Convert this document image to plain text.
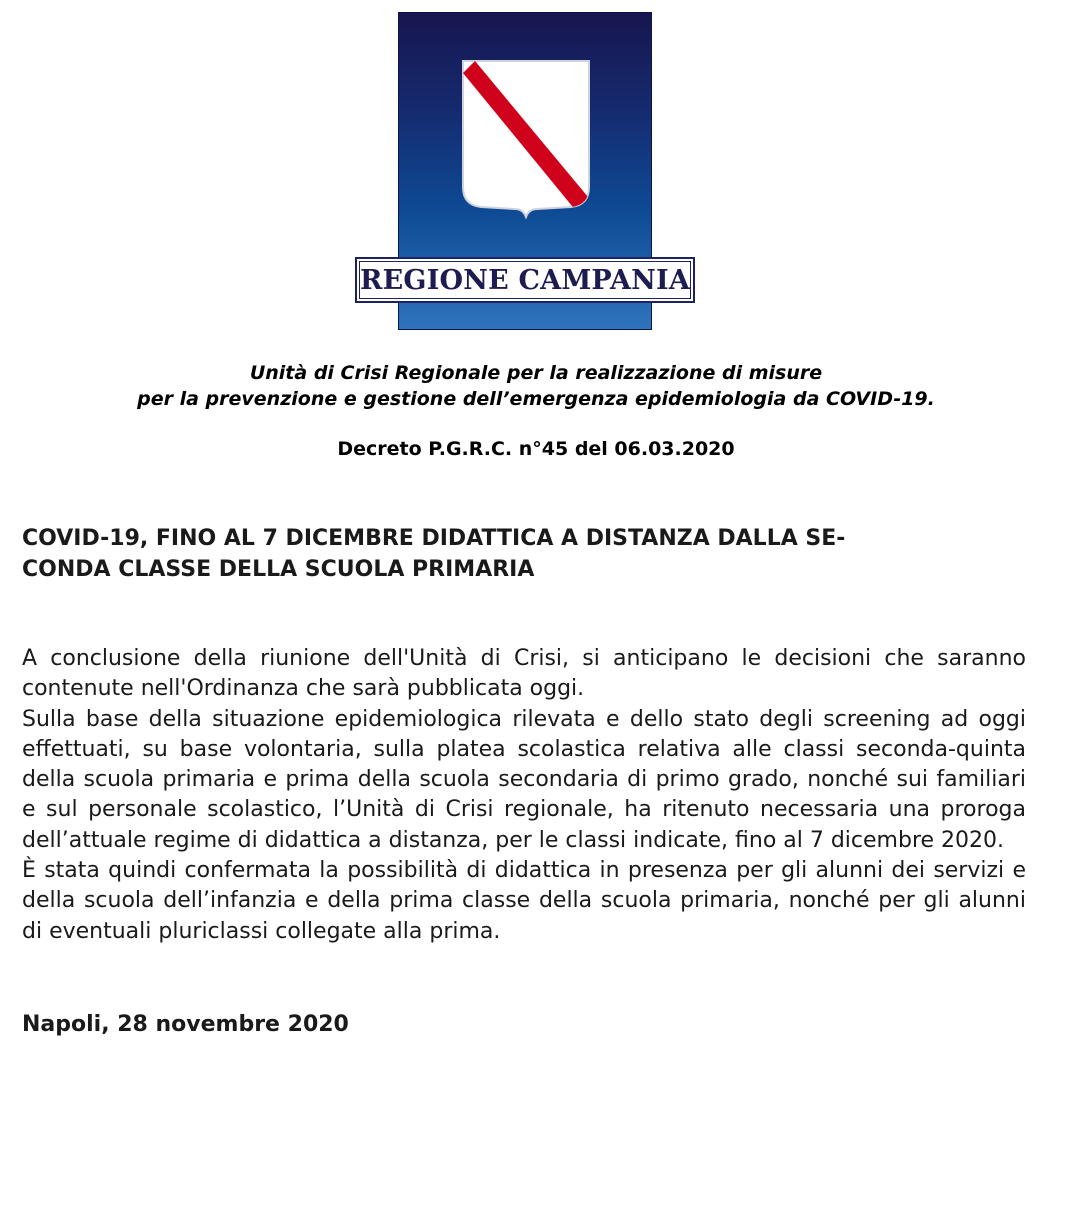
REGIONE CAMPANIA
Unità di Crisi Regionale per la realizzazione di misure
per la prevenzione e gestione dell’emergenza epidemiologia da COVID-19.
Decreto P.G.R.C. n°45 del 06.03.2020
COVID-19, FINO AL 7 DICEMBRE DIDATTICA A DISTANZA DALLA SE-
CONDA CLASSE DELLA SCUOLA PRIMARIA

A conclusione della riunione dell'Unità di Crisi, si anticipano le decisioni che saranno contenute nell'Ordinanza che sarà pubblicata oggi.

Sulla base della situazione epidemiologica rilevata e dello stato degli screening ad oggi effettuati, su base volontaria, sulla platea scolastica relativa alle classi seconda-quinta della scuola primaria e prima della scuola secondaria di primo grado, nonché sui familiari e sul personale scolastico, l’Unità di Crisi regionale, ha ritenuto necessaria una proroga dell’attuale regime di didattica a distanza, per le classi indicate, fino al 7 dicembre 2020.

È stata quindi confermata la possibilità di didattica in presenza per gli alunni dei servizi e della scuola dell’infanzia e della prima classe della scuola primaria, nonché per gli alunni di eventuali pluriclassi collegate alla prima.

Napoli, 28 novembre 2020
